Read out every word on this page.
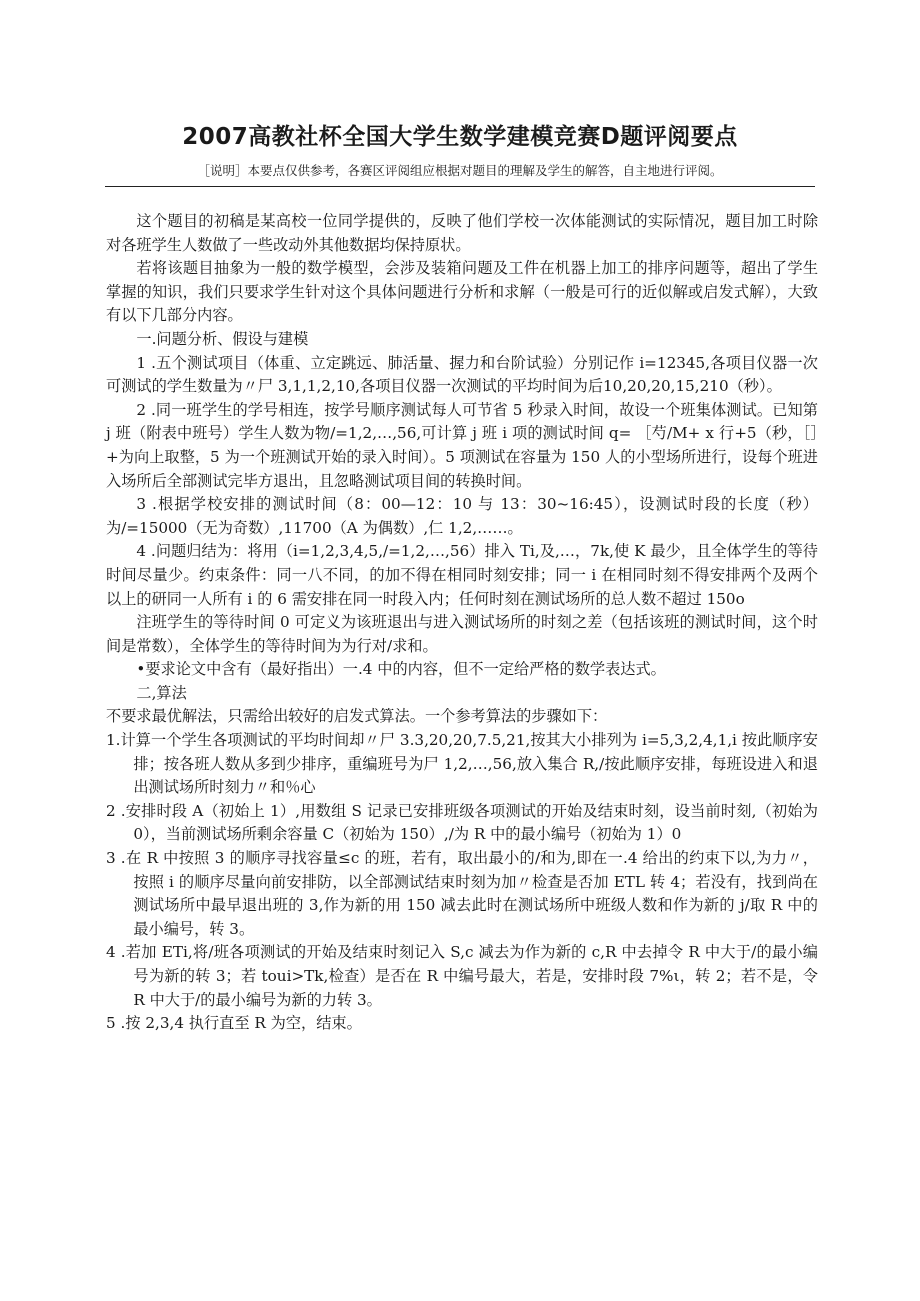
2007高教社杯全国大学生数学建模竞赛D题评阅要点
［说明］本要点仅供参考，各赛区评阅组应根据对题目的理解及学生的解答，自主地进行评阅。

这个题目的初稿是某高校一位同学提供的，反映了他们学校一次体能测试的实际情况，题目加工时除对各班学生人数做了一些改动外其他数据均保持原状。

若将该题目抽象为一般的数学模型，会涉及装箱问题及工件在机器上加工的排序问题等，超出了学生掌握的知识，我们只要求学生针对这个具体问题进行分析和求解（一般是可行的近似解或启发式解），大致有以下几部分内容。

一.问题分析、假设与建模

1 .五个测试项目（体重、立定跳远、肺活量、握力和台阶试验）分别记作 i=12345,各项目仪器一次可测试的学生数量为〃尸 3,1,1,2,10,各项目仪器一次测试的平均时间为后10,20,20,15,210（秒）。

2 .同一班学生的学号相连，按学号顺序测试每人可节省 5 秒录入时间，故设一个班集体测试。已知第 j 班（附表中班号）学生人数为物/=1,2,…,56,可计算 j 班 i 项的测试时间 q= ［芍/M+ x 行+5（秒，［］+为向上取整，5 为一个班测试开始的录入时间）。5 项测试在容量为 150 人的小型场所进行，设每个班进入场所后全部测试完毕方退出，且忽略测试项目间的转换时间。

3 .根据学校安排的测试时间（8：00—12：10 与 13：30~16:45），设测试时段的长度（秒）为/=15000（无为奇数）,11700（A 为偶数）,仁 1,2,……。

4 .问题归结为：将用（i=1,2,3,4,5,/=1,2,…,56）排入 Ti,及,…，7k,使 K 最少，且全体学生的等待时间尽量少。约束条件：同一八不同，的加不得在相同时刻安排；同一 i 在相同时刻不得安排两个及两个以上的研同一人所有 i 的 6 需安排在同一时段入内；任何时刻在测试场所的总人数不超过 150o

注班学生的等待时间 0 可定义为该班退出与进入测试场所的时刻之差（包括该班的测试时间，这个时间是常数），全体学生的等待时间为为行对/求和。

•要求论文中含有（最好指出）一.4 中的内容，但不一定给严格的数学表达式。

二,算法

不要求最优解法，只需给出较好的启发式算法。一个参考算法的步骤如下：

1.计算一个学生各项测试的平均时间却〃尸 3.3,20,20,7.5,21,按其大小排列为 i=5,3,2,4,1,i 按此顺序安排；按各班人数从多到少排序，重编班号为尸 1,2,…,56,放入集合 R,/按此顺序安排，每班设进入和退出测试场所时刻力〃和％心

2 .安排时段 A（初始上 1）,用数组 S 记录已安排班级各项测试的开始及结束时刻，设当前时刻,（初始为 0），当前测试场所剩余容量 C（初始为 150）,/为 R 中的最小编号（初始为 1）0

3 .在 R 中按照 3 的顺序寻找容量≤c 的班，若有，取出最小的/和为,即在一.4 给出的约束下以,为力〃，按照 i 的顺序尽量向前安排防，以全部测试结束时刻为加〃检查是否加 ETL 转 4；若没有，找到尚在测试场所中最早退出班的 3,作为新的用 150 减去此时在测试场所中班级人数和作为新的 j/取 R 中的最小编号，转 3。

4 .若加 ETi,将/班各项测试的开始及结束时刻记入 S,c 减去为作为新的 c,R 中去掉令 R 中大于/的最小编号为新的转 3；若 toui>Tk,检查）是否在 R 中编号最大，若是，安排时段 7%ι，转 2；若不是，令 R 中大于/的最小编号为新的力转 3。

5 .按 2,3,4 执行直至 R 为空，结束。
